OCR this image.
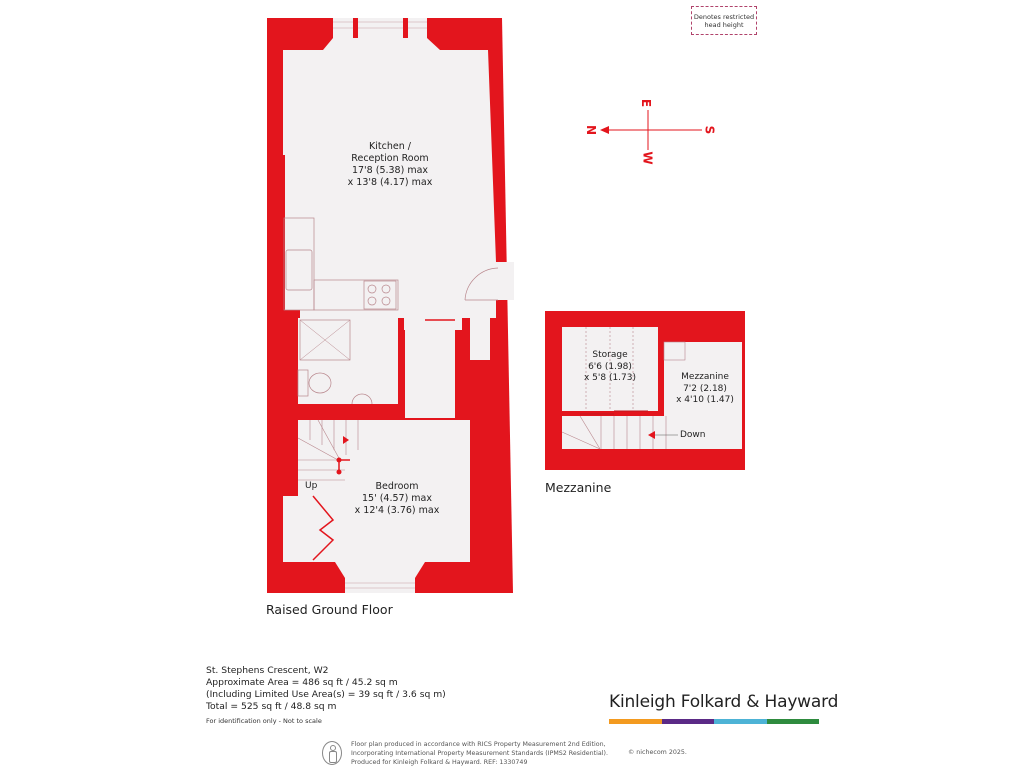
N
E
S
W
Denotes restricted head height
Kitchen /
Reception Room
17'8 (5.38) max
x 13'8 (4.17) max
Bedroom
15' (4.57) max
x 12'4 (3.76) max
Up
Raised Ground Floor
Storage
6'6 (1.98)
x 5'8 (1.73)	Mezzanine
7'2 (2.18)
x 4'10 (1.47)
Down
Mezzanine
St. Stephens Crescent, W2
Approximate Area = 486 sq ft / 45.2 sq m
(Including Limited Use Area(s) = 39 sq ft / 3.6 sq m)
Total = 525 sq ft / 48.8 sq m
For identification only - Not to scale
Kinleigh Folkard & Hayward
Floor plan produced in accordance with RICS Property Measurement 2nd Edition,
Incorporating International Property Measurement Standards (IPMS2 Residential).
Produced for Kinleigh Folkard & Hayward. REF: 1330749
© nichecom 2025.
